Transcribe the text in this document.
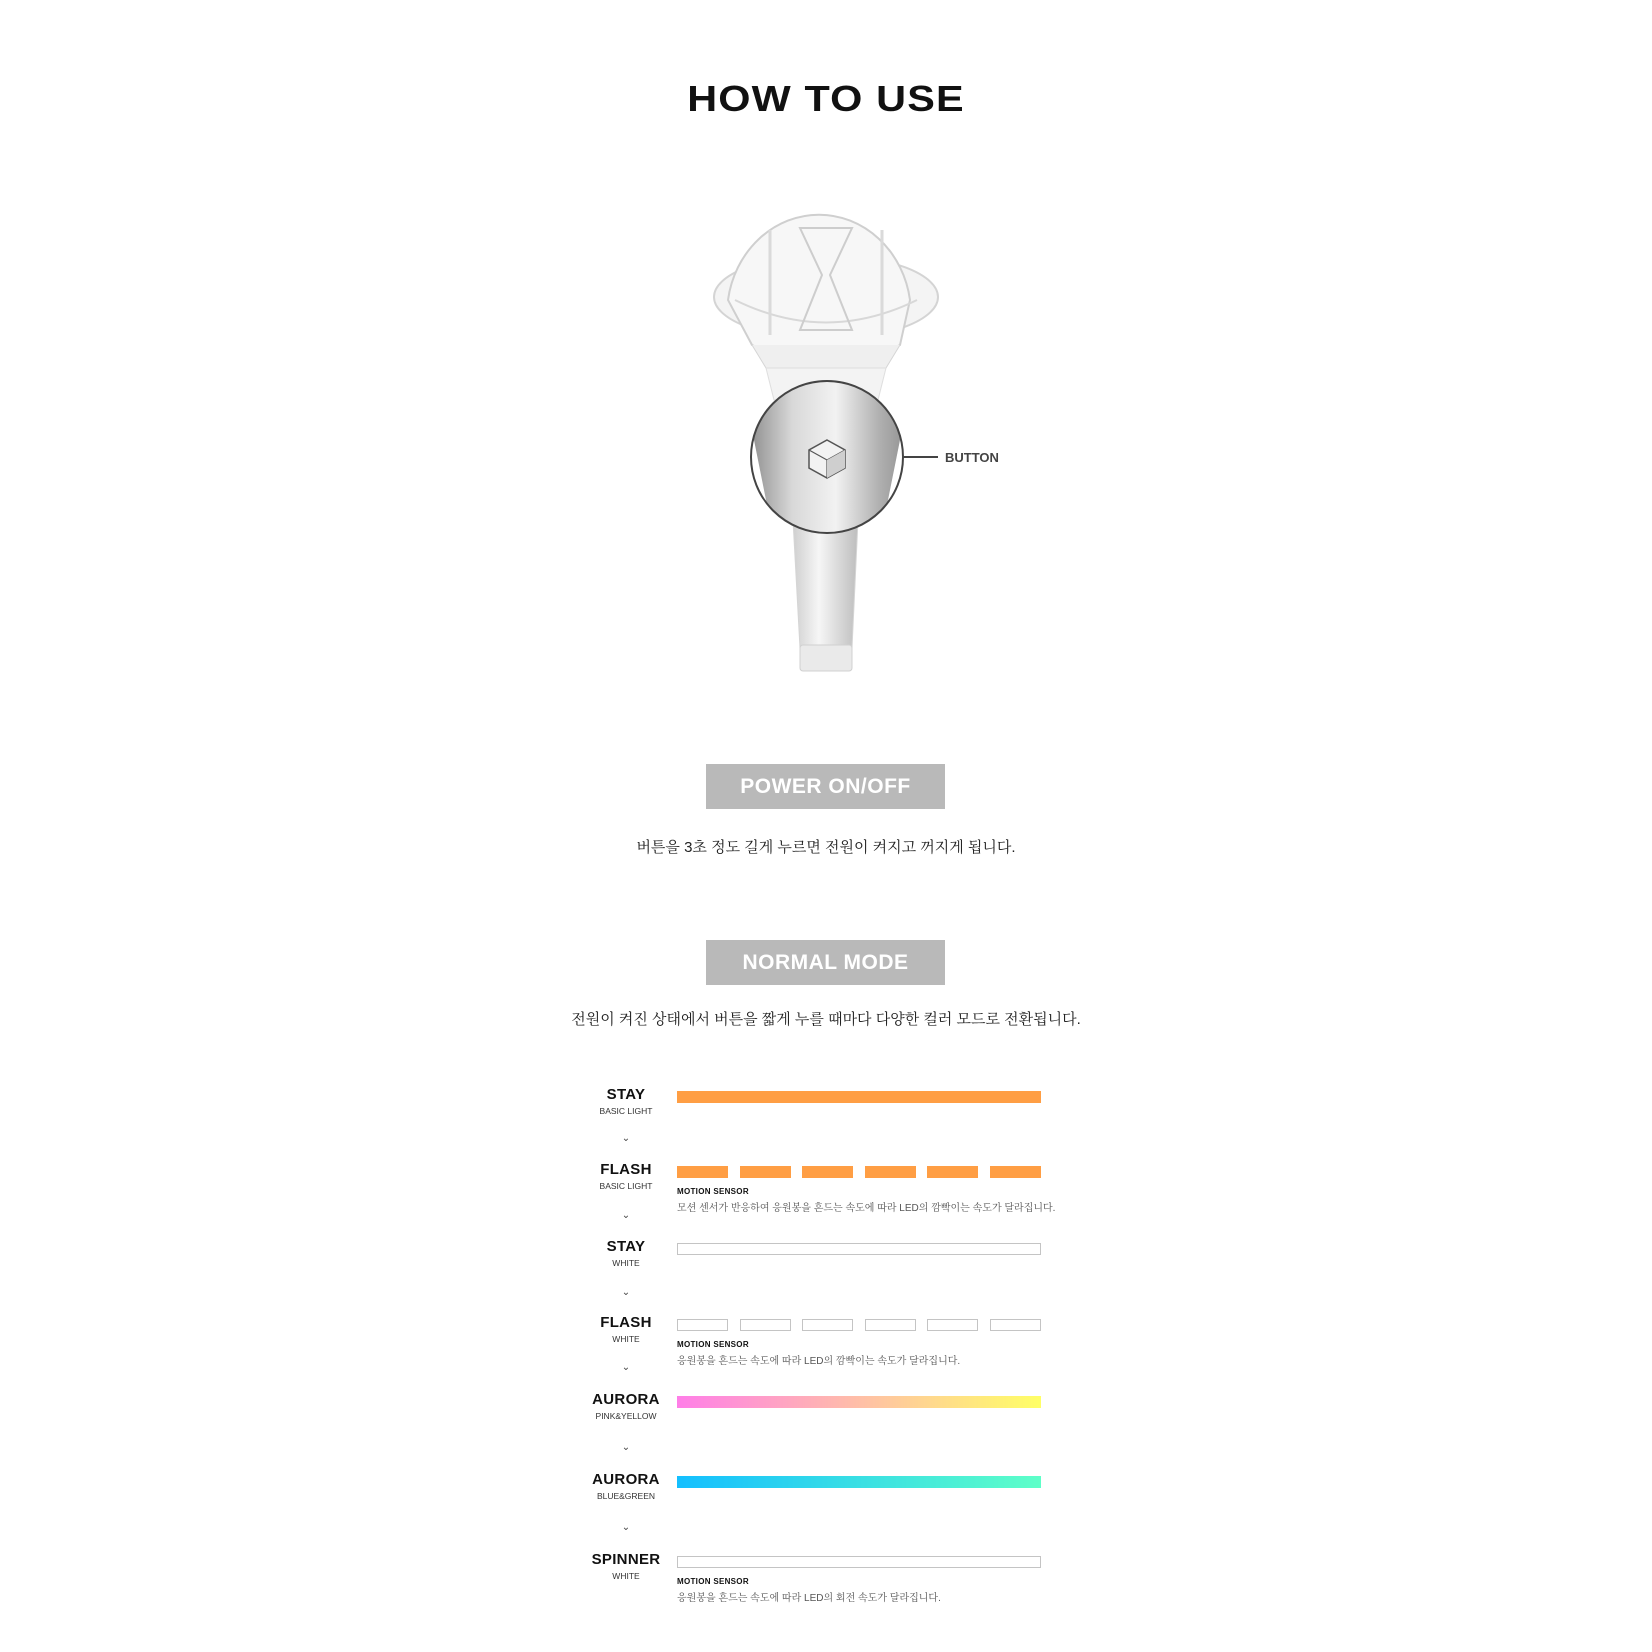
HOW TO USE
BUTTON
POWER ON/OFF
버튼을 3초 정도 길게 누르면 전원이 켜지고 꺼지게 됩니다.
NORMAL MODE
전원이 켜진 상태에서 버튼을 짧게 누를 때마다 다양한 컬러 모드로 전환됩니다.
STAY
BASIC LIGHT
⌄
FLASH
BASIC LIGHT
MOTION SENSOR
모션 센서가 반응하여 응원봉을 흔드는 속도에 따라 LED의 깜빡이는 속도가 달라집니다.
⌄
STAY
WHITE
⌄
FLASH
WHITE
MOTION SENSOR
응원봉을 흔드는 속도에 따라 LED의 깜빡이는 속도가 달라집니다.
⌄
AURORA
PINK&YELLOW
⌄
AURORA
BLUE&GREEN
⌄
SPINNER
WHITE
MOTION SENSOR
응원봉을 흔드는 속도에 따라 LED의 회전 속도가 달라집니다.
